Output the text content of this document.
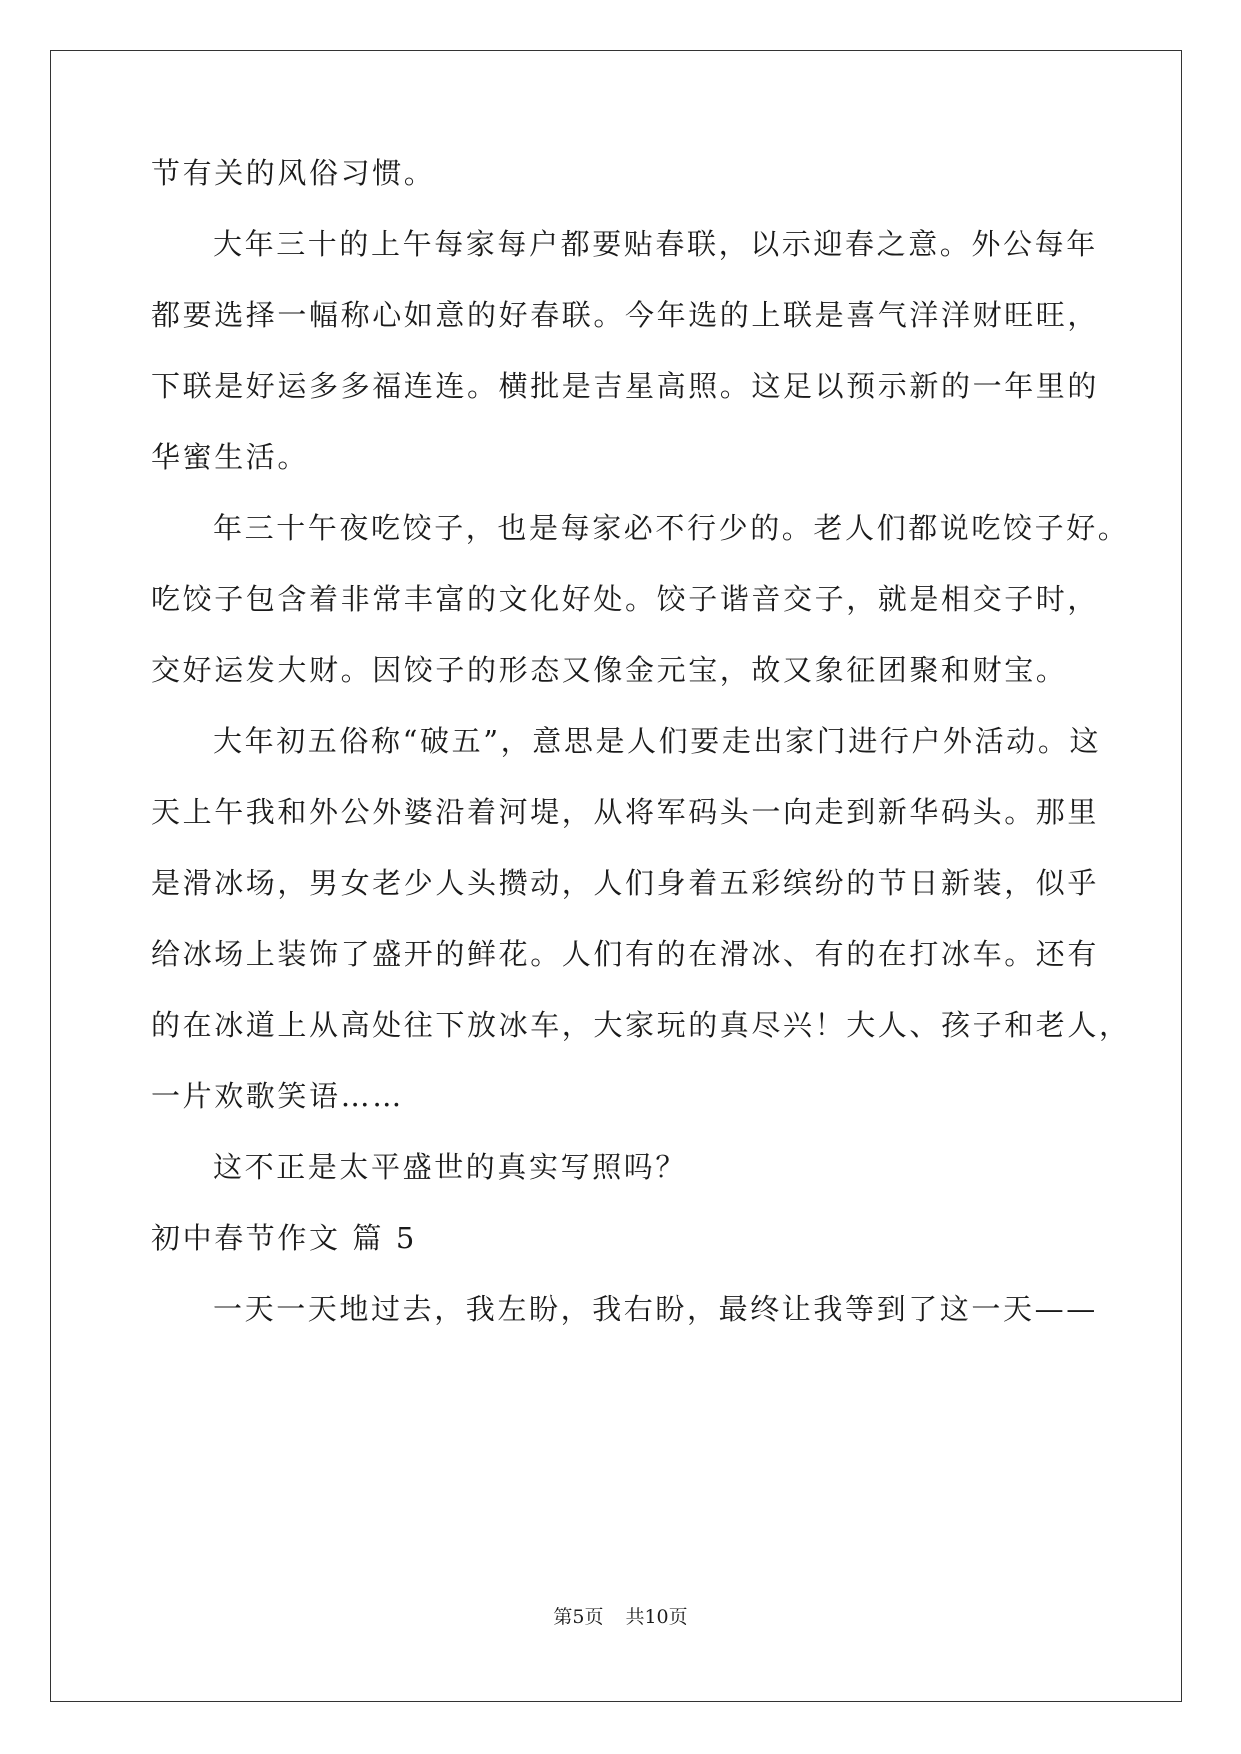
节有关的风俗习惯。
大年三十的上午每家每户都要贴春联，以示迎春之意。外公每年
都要选择一幅称心如意的好春联。今年选的上联是喜气洋洋财旺旺，
下联是好运多多福连连。横批是吉星高照。这足以预示新的一年里的
华蜜生活。
年三十午夜吃饺子，也是每家必不行少的。老人们都说吃饺子好。
吃饺子包含着非常丰富的文化好处。饺子谐音交子，就是相交子时，
交好运发大财。因饺子的形态又像金元宝，故又象征团聚和财宝。
大年初五俗称“破五”，意思是人们要走出家门进行户外活动。这
天上午我和外公外婆沿着河堤，从将军码头一向走到新华码头。那里
是滑冰场，男女老少人头攒动，人们身着五彩缤纷的节日新装，似乎
给冰场上装饰了盛开的鲜花。人们有的在滑冰、有的在打冰车。还有
的在冰道上从高处往下放冰车，大家玩的真尽兴！大人、孩子和老人，
一片欢歌笑语……
这不正是太平盛世的真实写照吗？
初中春节作文 篇 5
一天一天地过去，我左盼，我右盼，最终让我等到了这一天——
第5页 共10页
